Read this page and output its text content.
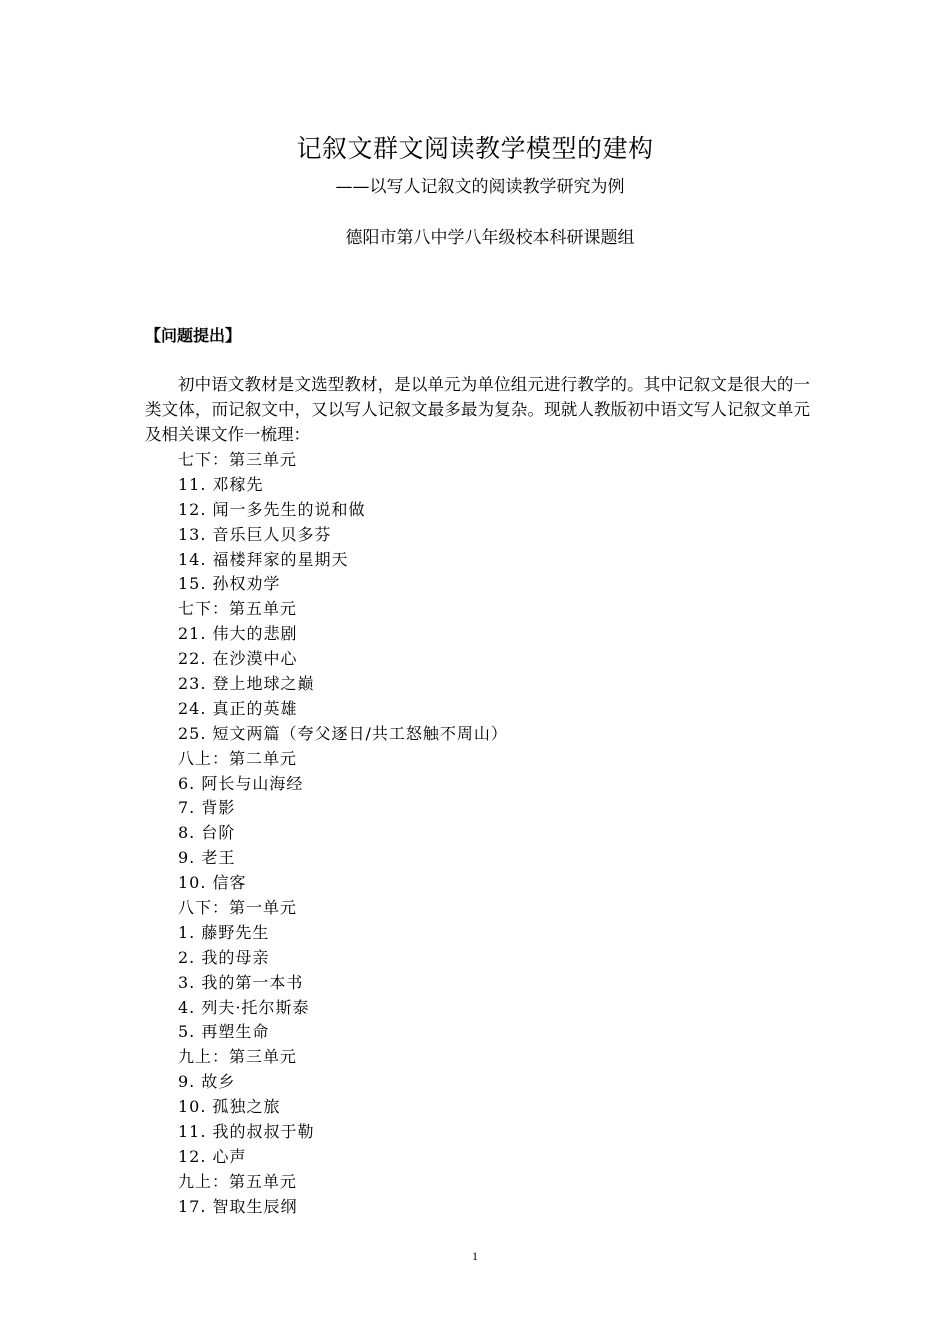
记叙文群文阅读教学模型的建构
——以写人记叙文的阅读教学研究为例
德阳市第八中学八年级校本科研课题组
【问题提出】

初中语文教材是文选型教材，是以单元为单位组元进行教学的。其中记叙文是很大的一类文体，而记叙文中，又以写人记叙文最多最为复杂。现就人教版初中语文写人记叙文单元及相关课文作一梳理：

七下：第三单元
11. 邓稼先
12. 闻一多先生的说和做
13. 音乐巨人贝多芬
14. 福楼拜家的星期天
15. 孙权劝学
七下：第五单元
21. 伟大的悲剧
22. 在沙漠中心
23. 登上地球之巅
24. 真正的英雄
25. 短文两篇（夸父逐日/共工怒触不周山）
八上：第二单元
6. 阿长与山海经
7. 背影
8. 台阶
9. 老王
10. 信客
八下：第一单元
1. 藤野先生
2. 我的母亲
3. 我的第一本书
4. 列夫·托尔斯泰
5. 再塑生命
九上：第三单元
9. 故乡
10. 孤独之旅
11. 我的叔叔于勒
12. 心声
九上：第五单元
17. 智取生辰纲
1
